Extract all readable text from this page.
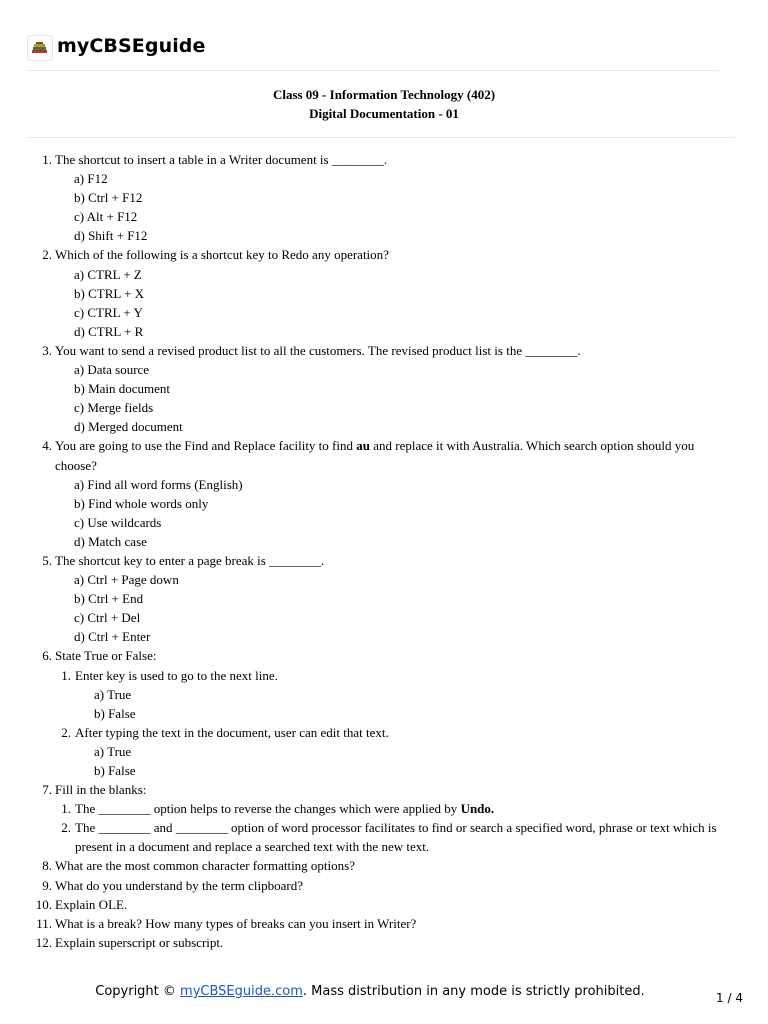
myCBSEguide
Class 09 - Information Technology (402)
Digital Documentation - 01
1. The shortcut to insert a table in a Writer document is ________.
a) F12
b) Ctrl + F12
c) Alt + F12
d) Shift + F12
2. Which of the following is a shortcut key to Redo any operation?
a) CTRL + Z
b) CTRL + X
c) CTRL + Y
d) CTRL + R
3. You want to send a revised product list to all the customers. The revised product list is the ________.
a) Data source
b) Main document
c) Merge fields
d) Merged document
4. You are going to use the Find and Replace facility to find au and replace it with Australia. Which search option should you choose?
a) Find all word forms (English)
b) Find whole words only
c) Use wildcards
d) Match case
5. The shortcut key to enter a page break is ________.
a) Ctrl + Page down
b) Ctrl + End
c) Ctrl + Del
d) Ctrl + Enter
6. State True or False:
1. Enter key is used to go to the next line.
a) True
b) False
2. After typing the text in the document, user can edit that text.
a) True
b) False
7. Fill in the blanks:
1. The ________ option helps to reverse the changes which were applied by Undo.
2. The ________ and ________ option of word processor facilitates to find or search a specified word, phrase or text which is present in a document and replace a searched text with the new text.
8. What are the most common character formatting options?
9. What do you understand by the term clipboard?
10. Explain OLE.
11. What is a break? How many types of breaks can you insert in Writer?
12. Explain superscript or subscript.
Copyright © myCBSEguide.com. Mass distribution in any mode is strictly prohibited.	1 / 4
